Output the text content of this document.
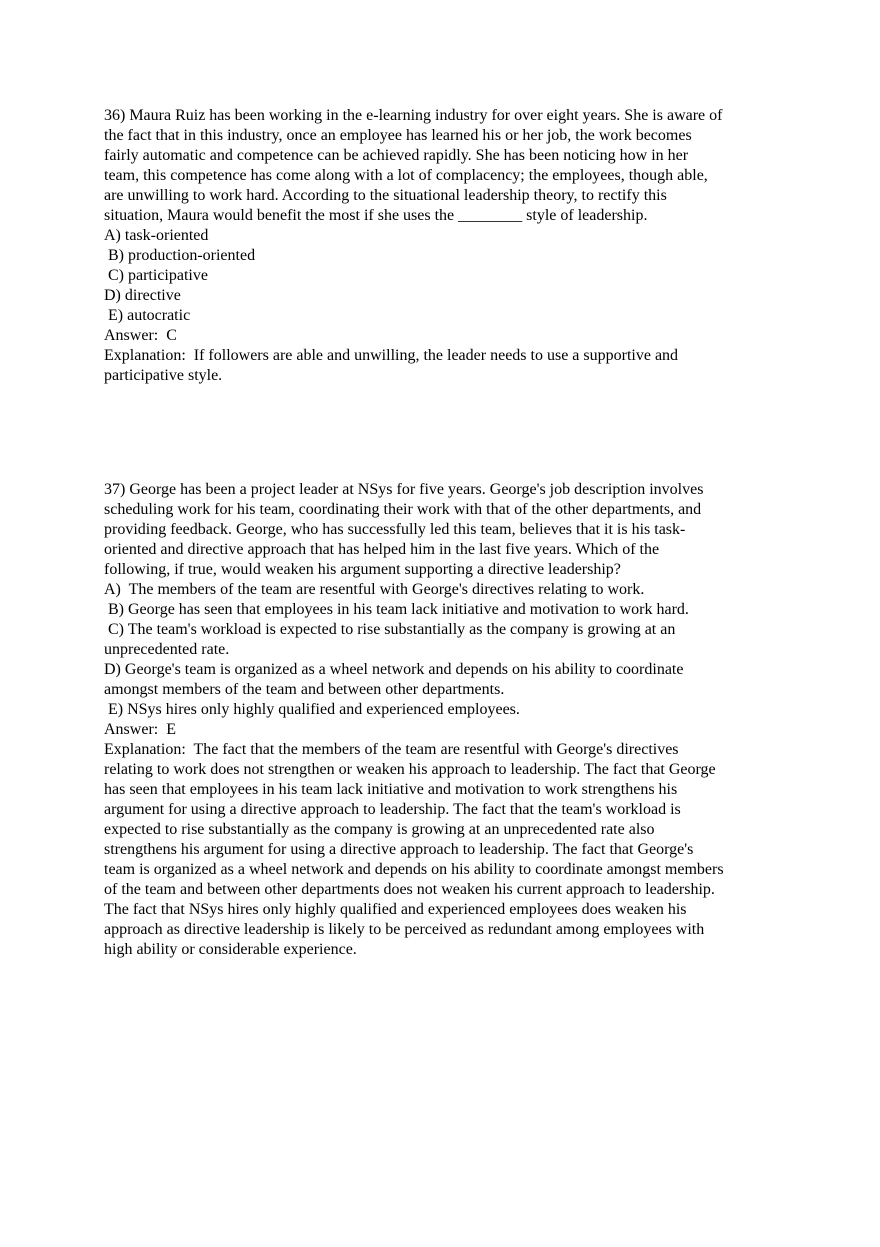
36) Maura Ruiz has been working in the e-learning industry for over eight years. She is aware of
the fact that in this industry, once an employee has learned his or her job, the work becomes
fairly automatic and competence can be achieved rapidly. She has been noticing how in her
team, this competence has come along with a lot of complacency; the employees, though able,
are unwilling to work hard. According to the situational leadership theory, to rectify this
situation, Maura would benefit the most if she uses the ________ style of leadership.
A) task-oriented
B) production-oriented
C) participative
D) directive
E) autocratic
Answer:  C
Explanation:  If followers are able and unwilling, the leader needs to use a supportive and
participative style.
37) George has been a project leader at NSys for five years. George's job description involves
scheduling work for his team, coordinating their work with that of the other departments, and
providing feedback. George, who has successfully led this team, believes that it is his task-
oriented and directive approach that has helped him in the last five years. Which of the
following, if true, would weaken his argument supporting a directive leadership?
A)  The members of the team are resentful with George's directives relating to work.
B) George has seen that employees in his team lack initiative and motivation to work hard.
C) The team's workload is expected to rise substantially as the company is growing at an
unprecedented rate.
D) George's team is organized as a wheel network and depends on his ability to coordinate
amongst members of the team and between other departments.
E) NSys hires only highly qualified and experienced employees.
Answer:  E
Explanation:  The fact that the members of the team are resentful with George's directives
relating to work does not strengthen or weaken his approach to leadership. The fact that George
has seen that employees in his team lack initiative and motivation to work strengthens his
argument for using a directive approach to leadership. The fact that the team's workload is
expected to rise substantially as the company is growing at an unprecedented rate also
strengthens his argument for using a directive approach to leadership. The fact that George's
team is organized as a wheel network and depends on his ability to coordinate amongst members
of the team and between other departments does not weaken his current approach to leadership.
The fact that NSys hires only highly qualified and experienced employees does weaken his
approach as directive leadership is likely to be perceived as redundant among employees with
high ability or considerable experience.
